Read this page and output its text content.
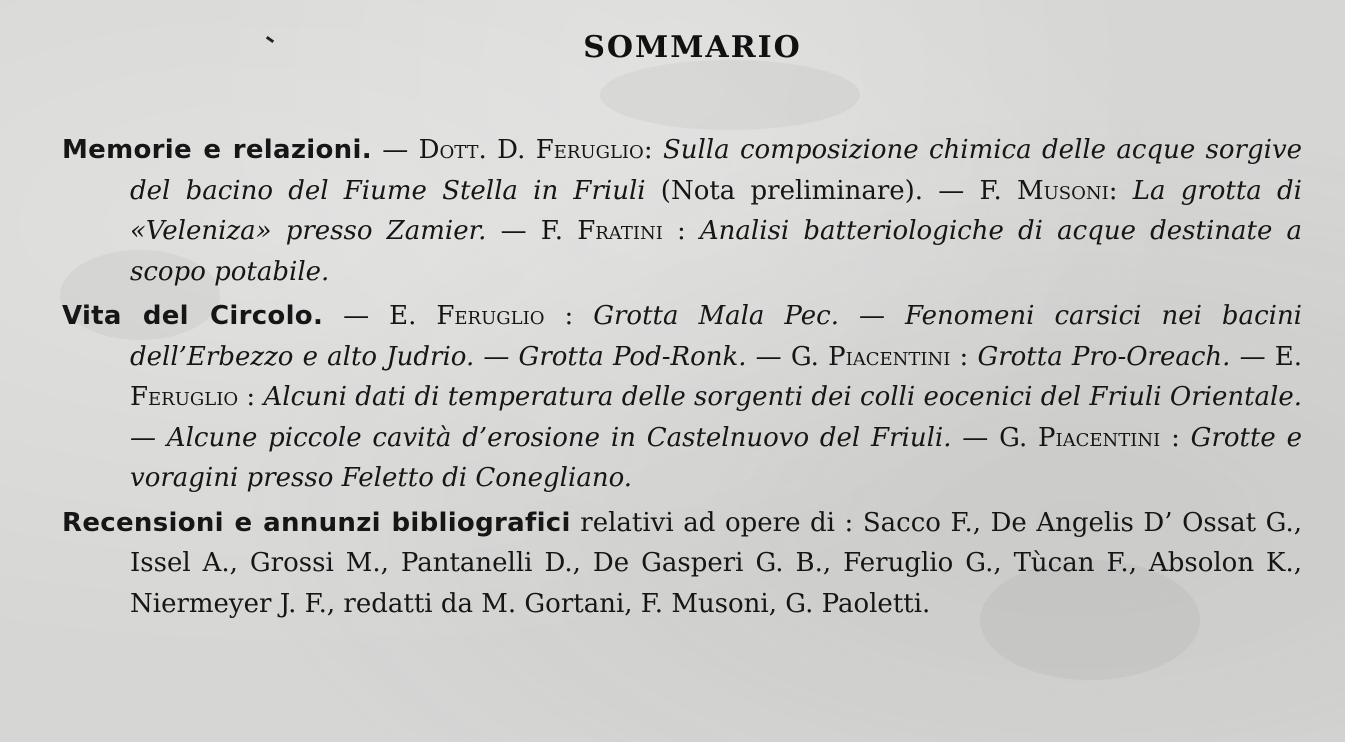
SOMMARIO

Memorie e relazioni. — Dott. D. Feruglio: Sulla composizione chimica delle acque sorgive del bacino del Fiume Stella in Friuli (Nota preliminare). — F. Musoni: La grotta di «Veleniza» presso Zamier. — F. Fratini : Analisi batteriologiche di acque destinate a scopo potabile.

Vita del Circolo. — E. Feruglio : Grotta Mala Pec. — Fenomeni carsici nei bacini dell’Erbezzo e alto Judrio. — Grotta Pod-Ronk. — G. Piacentini : Grotta Pro-Oreach. — E. Feruglio : Alcuni dati di temperatura delle sorgenti dei colli eocenici del Friuli Orientale. — Alcune piccole cavità d’erosione in Castelnuovo del Friuli. — G. Piacentini : Grotte e voragini presso Feletto di Conegliano.

Recensioni e annunzi bibliografici relativi ad opere di : Sacco F., De Angelis D’ Ossat G., Issel A., Grossi M., Pantanelli D., De Gasperi G. B., Feruglio G., Tùcan F., Absolon K., Niermeyer J. F., redatti da M. Gortani, F. Musoni, G. Paoletti.
